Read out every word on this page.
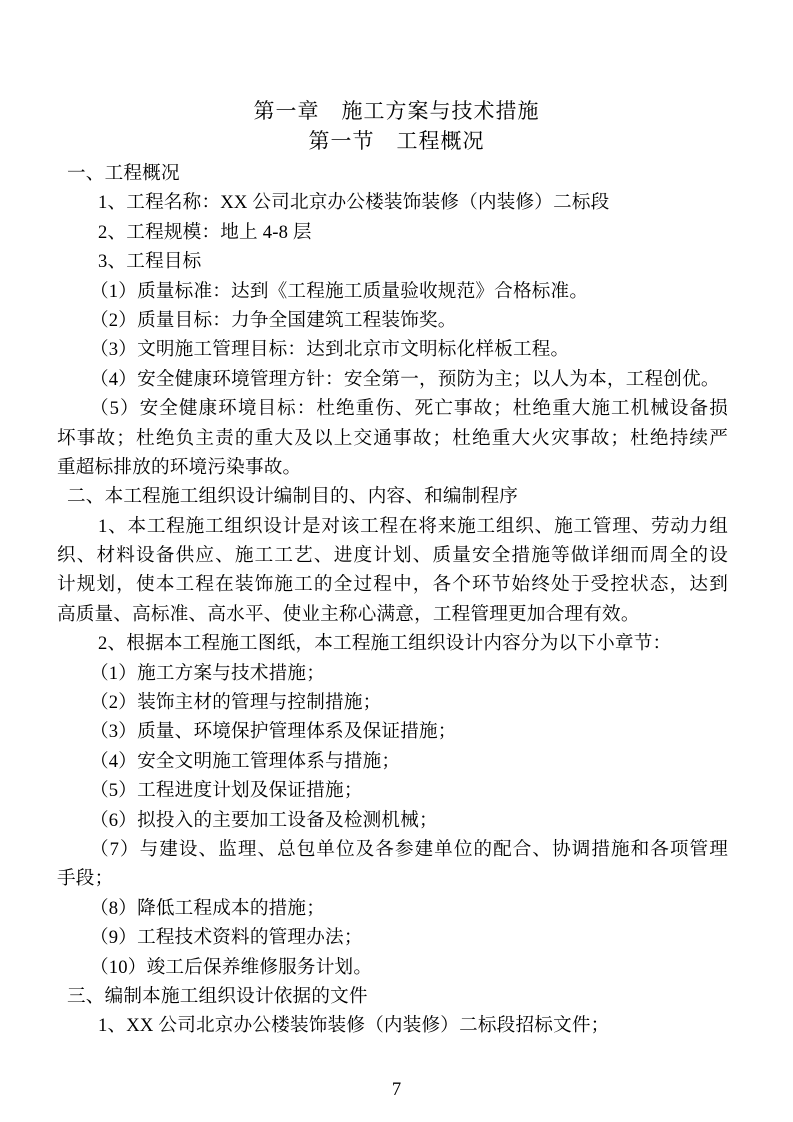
第一章　施工方案与技术措施
第一节　工程概况
一、工程概况
1、工程名称：XX 公司北京办公楼装饰装修（内装修）二标段
2、工程规模：地上 4-8 层
3、工程目标
（1）质量标准：达到《工程施工质量验收规范》合格标准。
（2）质量目标：力争全国建筑工程装饰奖。
（3）文明施工管理目标：达到北京市文明标化样板工程。
（4）安全健康环境管理方针：安全第一，预防为主；以人为本，工程创优。
（5）安全健康环境目标：杜绝重伤、死亡事故；杜绝重大施工机械设备损
坏事故；杜绝负主责的重大及以上交通事故；杜绝重大火灾事故；杜绝持续严
重超标排放的环境污染事故。
二、本工程施工组织设计编制目的、内容、和编制程序
1、本工程施工组织设计是对该工程在将来施工组织、施工管理、劳动力组
织、材料设备供应、施工工艺、进度计划、质量安全措施等做详细而周全的设
计规划，使本工程在装饰施工的全过程中，各个环节始终处于受控状态，达到
高质量、高标准、高水平、使业主称心满意，工程管理更加合理有效。
2、根据本工程施工图纸，本工程施工组织设计内容分为以下小章节：
（1）施工方案与技术措施；
（2）装饰主材的管理与控制措施；
（3）质量、环境保护管理体系及保证措施；
（4）安全文明施工管理体系与措施；
（5）工程进度计划及保证措施；
（6）拟投入的主要加工设备及检测机械；
（7）与建设、监理、总包单位及各参建单位的配合、协调措施和各项管理
手段；
（8）降低工程成本的措施；
（9）工程技术资料的管理办法；
（10）竣工后保养维修服务计划。
三、编制本施工组织设计依据的文件
1、XX 公司北京办公楼装饰装修（内装修）二标段招标文件；
7
